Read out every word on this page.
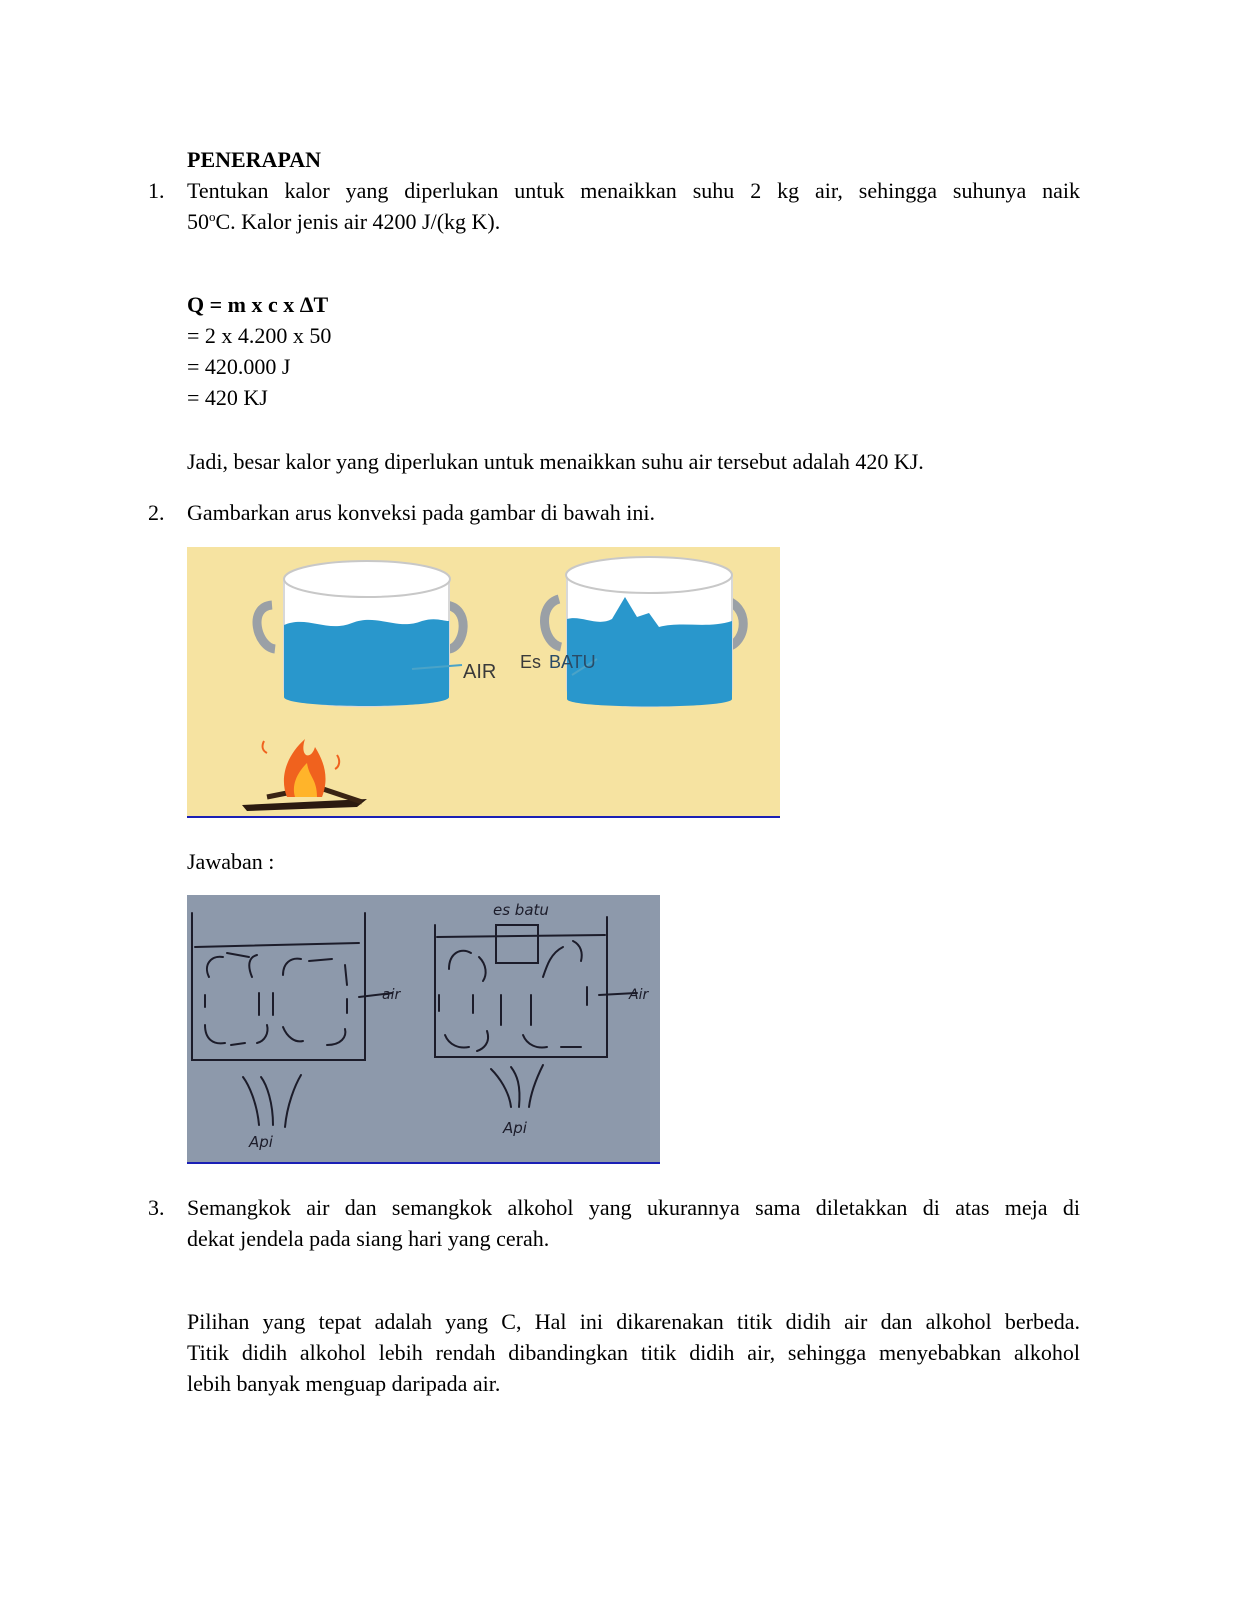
PENERAPAN
1.	Tentukan kalor yang diperlukan untuk menaikkan suhu 2 kg air, sehingga suhunya naik
50$^o$C. Kalor jenis air 4200 J/(kg K).
Q = m x c x ΔT
= 2 x 4.200 x 50
= 420.000 J
= 420 KJ
Jadi, besar kalor yang diperlukan untuk menaikkan suhu air tersebut adalah 420 KJ.
2.	Gambarkan arus konveksi pada gambar di bawah ini.
AIR Es BATU
Jawaban :
es batu
air	Air
Api
Api
3.	Semangkok air dan semangkok alkohol yang ukurannya sama diletakkan di atas meja di
dekat jendela pada siang hari yang cerah.
Pilihan yang tepat adalah yang C, Hal ini dikarenakan titik didih air dan alkohol berbeda.
Titik didih alkohol lebih rendah dibandingkan titik didih air, sehingga menyebabkan alkohol
lebih banyak menguap daripada air.
